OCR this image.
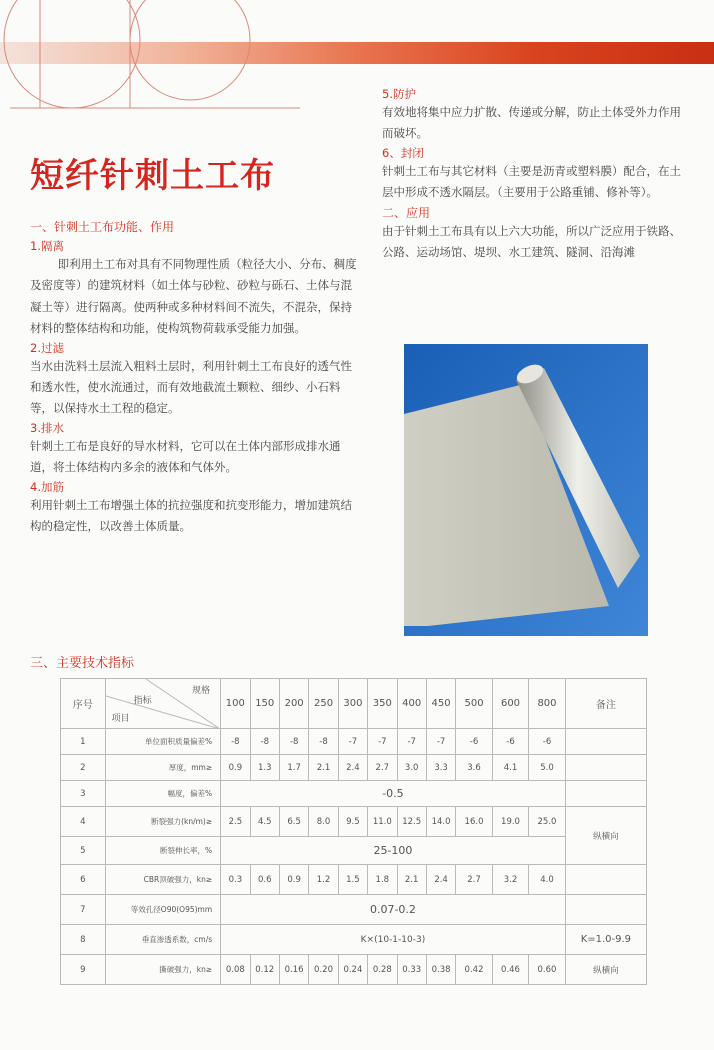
短纤针刺土工布
一、针刺土工布功能、作用
1.隔离
即利用土工布对具有不同物理性质（粒径大小、分布、稠度及密度等）的建筑材料（如土体与砂粒、砂粒与砾石、土体与混凝土等）进行隔离。使两种或多种材料间不流失，不混杂，保持材料的整体结构和功能，使构筑物荷载承受能力加强。
2.过滤
当水由洗料土层流入粗料土层时，利用针刺土工布良好的透气性和透水性，使水流通过，而有效地截流土颗粒、细纱、小石料等，以保持水土工程的稳定。
3.排水
针刺土工布是良好的导水材料，它可以在土体内部形成排水通道，将土体结构内多余的液体和气体外。
4.加筋
利用针刺土工布增强土体的抗拉强度和抗变形能力，增加建筑结构的稳定性，以改善土体质量。
5.防护
有效地将集中应力扩散、传递或分解，防止土体受外力作用而破坏。
6、封闭
针刺土工布与其它材料（主要是沥青或塑料膜）配合，在土层中形成不透水隔层。（主要用于公路重铺、修补等）。
二、应用
由于针刺土工布具有以上六大功能，所以广泛应用于铁路、公路、运动场馆、堤坝、水工建筑、隧洞、沿海滩
三、主要技术指标
序号	规格
指标
项目	100	150	200	250	300	350	400	450	500	600	800	备注
1	单位面积质量偏差%	-8	-8	-8	-8	-7	-7	-7	-7	-6	-6	-6	
2	厚度，mm≥	0.9	1.3	1.7	2.1	2.4	2.7	3.0	3.3	3.6	4.1	5.0	
3	幅度，偏差%	-0.5											
4	断裂强力(kn/m)≥	2.5	4.5	6.5	8.0	9.5	11.0	12.5	14.0	16.0	19.0	25.0	纵横向
5	断裂伸长率，%	25-100											
6	CBR顶破强力，kn≥	0.3	0.6	0.9	1.2	1.5	1.8	2.1	2.4	2.7	3.2	4.0	
7	等效孔径O90(O95)mm	0.07-0.2											
8	垂直渗透系数，cm/s	K×(10-1-10-3)											K=1.0-9.9
9	撕破强力，kn≥	0.08	0.12	0.16	0.20	0.24	0.28	0.33	0.38	0.42	0.46	0.60	纵横向
